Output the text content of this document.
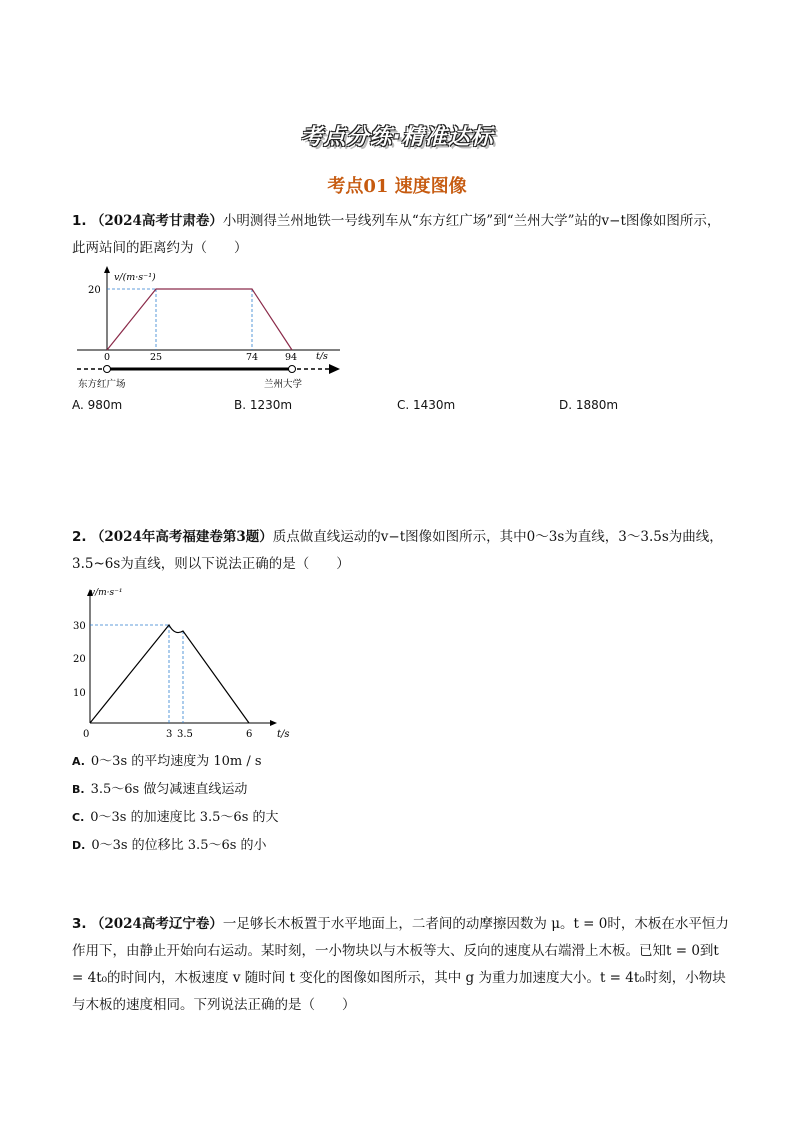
考点分练·精准达标
考点01 速度图像
1. （2024高考甘肃卷）小明测得兰州地铁一号线列车从“东方红广场”到“兰州大学”站的v−t图像如图所示，此两站间的距离约为（　　）
v/(m·s⁻¹)
20
0	25	74	94 t/s
东方红广场	兰州大学
A. 980m	B. 1230m	C. 1430m	D. 1880m
2. （2024年高考福建卷第3题）质点做直线运动的v−t图像如图所示，其中0～3s为直线，3～3.5s为曲线，3.5~6s为直线，则以下说法正确的是（　　）
v/m·s⁻¹
30
20
10
0	3 3.5	6 t/s
A. 0～3s 的平均速度为 10m / s
B. 3.5～6s 做匀减速直线运动
C. 0～3s 的加速度比 3.5～6s 的大
D. 0～3s 的位移比 3.5～6s 的小
3. （2024高考辽宁卷）一足够长木板置于水平地面上，二者间的动摩擦因数为 μ。t = 0时，木板在水平恒力作用下，由静止开始向右运动。某时刻，一小物块以与木板等大、反向的速度从右端滑上木板。已知t = 0到t = 4t₀的时间内，木板速度 v 随时间 t 变化的图像如图所示，其中 g 为重力加速度大小。t = 4t₀时刻，小物块与木板的速度相同。下列说法正确的是（　　）
